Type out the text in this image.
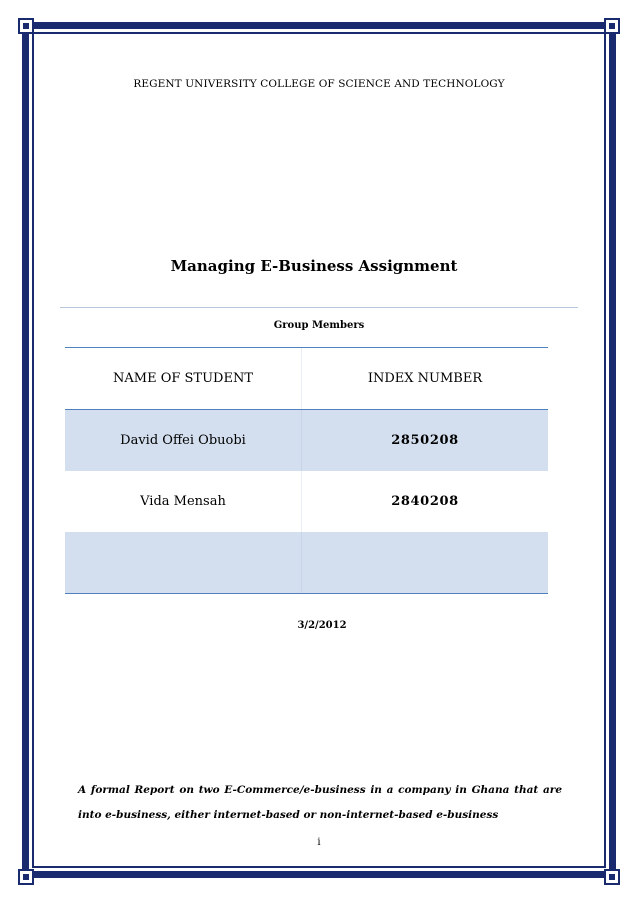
REGENT UNIVERSITY COLLEGE OF SCIENCE AND TECHNOLOGY
Managing E-Business Assignment
Group Members
NAME OF STUDENT	INDEX NUMBER
David Offei Obuobi	2850208
Vida Mensah	2840208

3/2/2012
A formal Report on two E-Commerce/e-business in a company in Ghana that are into e-business, either internet-based or non-internet-based e-business
i
